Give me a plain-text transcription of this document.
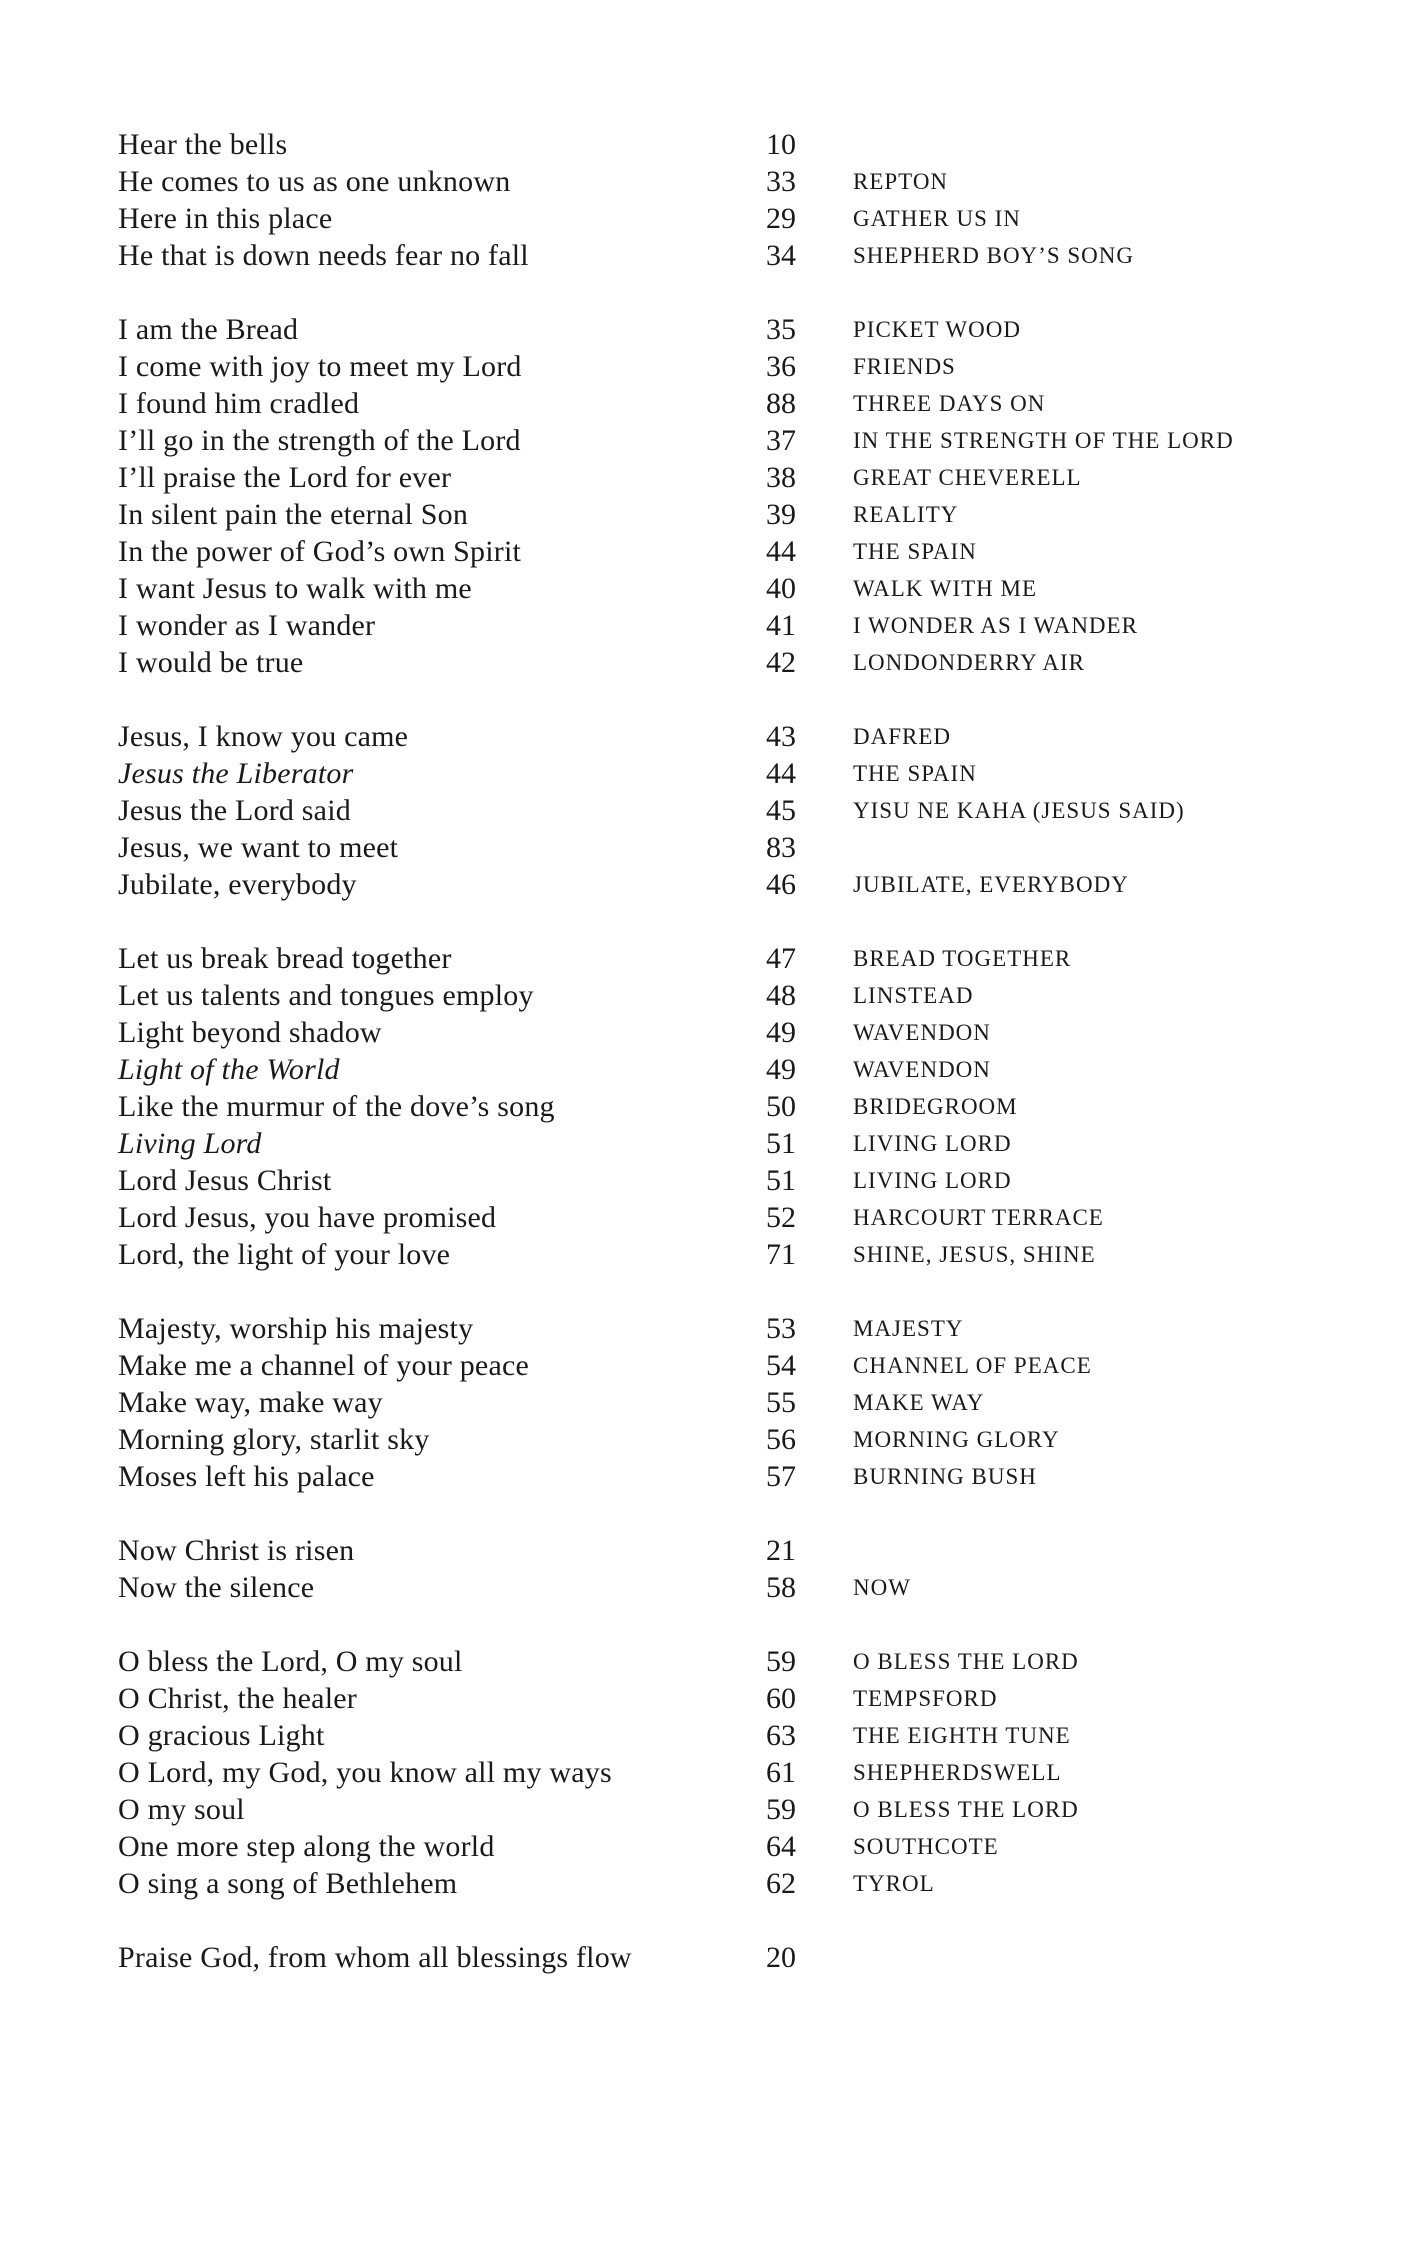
Hear the bells	10
He comes to us as one unknown	33 REPTON
Here in this place	29 GATHER US IN
He that is down needs fear no fall	34 SHEPHERD BOY’S SONG
I am the Bread	35 PICKET WOOD
I come with joy to meet my Lord	36 FRIENDS
I found him cradled	88 THREE DAYS ON
I’ll go in the strength of the Lord	37 IN THE STRENGTH OF THE LORD
I’ll praise the Lord for ever	38 GREAT CHEVERELL
In silent pain the eternal Son	39 REALITY
In the power of God’s own Spirit	44 THE SPAIN
I want Jesus to walk with me	40 WALK WITH ME
I wonder as I wander	41 I WONDER AS I WANDER
I would be true	42 LONDONDERRY AIR
Jesus, I know you came	43 DAFRED
Jesus the Liberator	44 THE SPAIN
Jesus the Lord said	45 YISU NE KAHA (JESUS SAID)
Jesus, we want to meet	83
Jubilate, everybody	46 JUBILATE, EVERYBODY
Let us break bread together	47 BREAD TOGETHER
Let us talents and tongues employ	48 LINSTEAD
Light beyond shadow	49 WAVENDON
Light of the World	49 WAVENDON
Like the murmur of the dove’s song	50 BRIDEGROOM
Living Lord	51 LIVING LORD
Lord Jesus Christ	51 LIVING LORD
Lord Jesus, you have promised	52 HARCOURT TERRACE
Lord, the light of your love	71 SHINE, JESUS, SHINE
Majesty, worship his majesty	53 MAJESTY
Make me a channel of your peace	54 CHANNEL OF PEACE
Make way, make way	55 MAKE WAY
Morning glory, starlit sky	56 MORNING GLORY
Moses left his palace	57 BURNING BUSH
Now Christ is risen	21
Now the silence	58 NOW
O bless the Lord, O my soul	59 O BLESS THE LORD
O Christ, the healer	60 TEMPSFORD
O gracious Light	63 THE EIGHTH TUNE
O Lord, my God, you know all my ways	61 SHEPHERDSWELL
O my soul	59 O BLESS THE LORD
One more step along the world	64 SOUTHCOTE
O sing a song of Bethlehem	62 TYROL
Praise God, from whom all blessings flow	20
